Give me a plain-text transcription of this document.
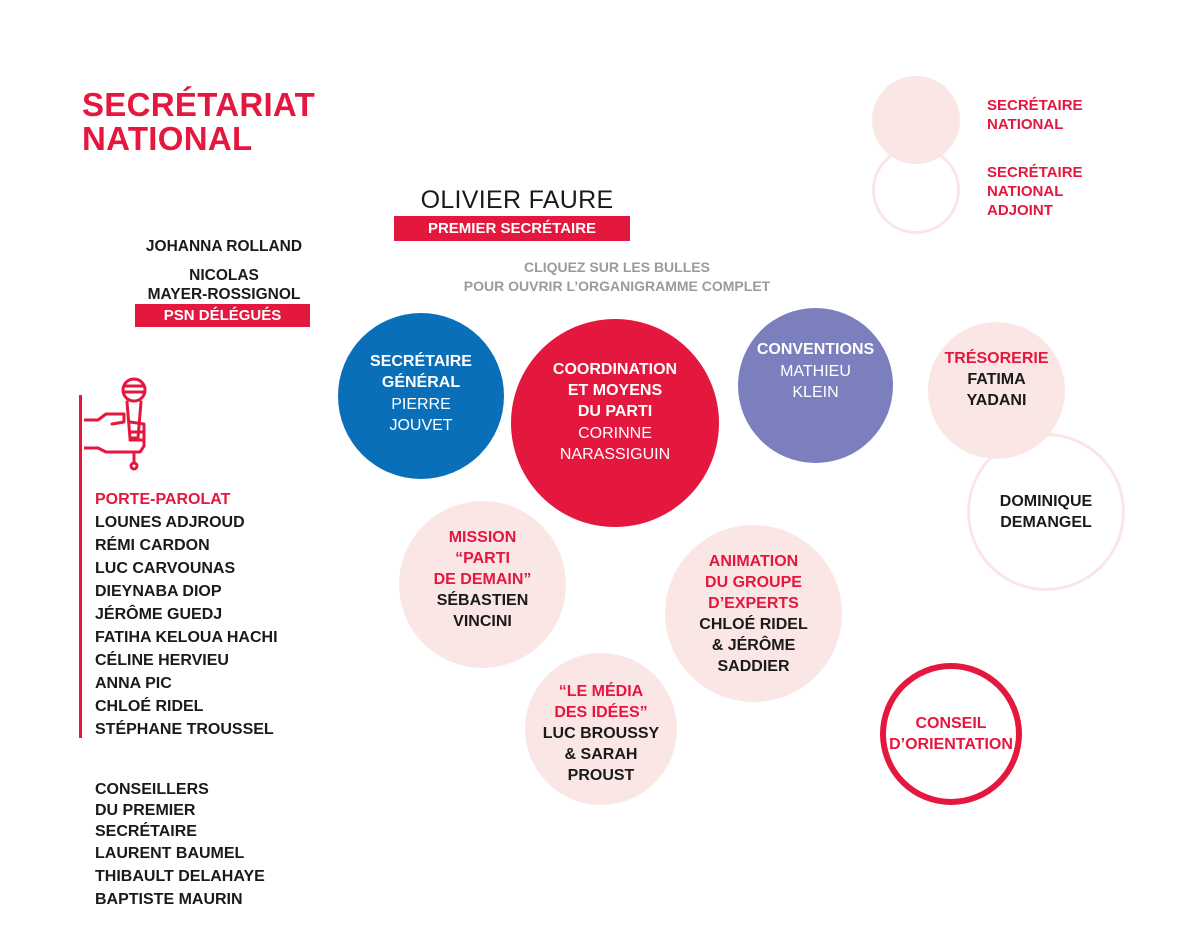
SECRÉTARIAT
NATIONAL
SECRÉTAIRE
NATIONAL
SECRÉTAIRE
NATIONAL
ADJOINT
OLIVIER FAURE
PREMIER SECRÉTAIRE
CLIQUEZ SUR LES BULLES
POUR OUVRIR L’ORGANIGRAMME COMPLET
JOHANNA ROLLAND
NICOLAS
MAYER-ROSSIGNOL
PSN DÉLÉGUÉS
PORTE-PAROLAT
LOUNES ADJROUD
RÉMI CARDON
LUC CARVOUNAS
DIEYNABA DIOP
JÉRÔME GUEDJ
FATIHA KELOUA HACHI
CÉLINE HERVIEU
ANNA PIC
CHLOÉ RIDEL
STÉPHANE TROUSSEL
CONSEILLERS
DU PREMIER
SECRÉTAIRE
LAURENT BAUMEL
THIBAULT DELAHAYE
BAPTISTE MAURIN
SECRÉTAIRE
GÉNÉRAL
PIERRE
JOUVET
COORDINATION
ET MOYENS
DU PARTI
CORINNE
NARASSIGUIN
CONVENTIONS
MATHIEU
KLEIN
DOMINIQUE
DEMANGEL
TRÉSORERIE
FATIMA
YADANI
MISSION
“PARTI
DE DEMAIN”
SÉBASTIEN
VINCINI
ANIMATION
DU GROUPE
D’EXPERTS
CHLOÉ RIDEL
& JÉRÔME
SADDIER
“LE MÉDIA
DES IDÉES”
LUC BROUSSY
& SARAH
PROUST
CONSEIL
D’ORIENTATION
